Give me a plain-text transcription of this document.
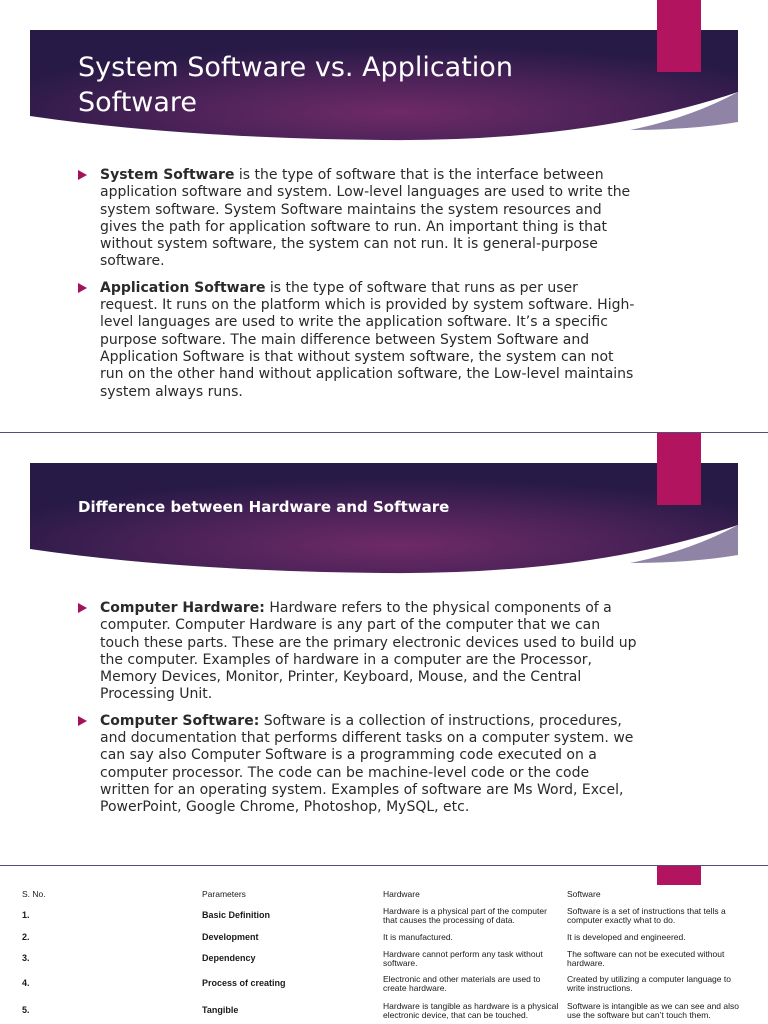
System Software vs. Application Software
System Software is the type of software that is the interface between application software and system. Low-level languages are used to write the system software. System Software maintains the system resources and gives the path for application software to run. An important thing is that without system software, the system can not run. It is general-purpose software.
Application Software is the type of software that runs as per user request. It runs on the platform which is provided by system software. High-level languages are used to write the application software. It’s a specific purpose software. The main difference between System Software and Application Software is that without system software, the system can not run on the other hand without application software, the Low-level maintains system always runs.
Difference between Hardware and Software
Computer Hardware: Hardware refers to the physical components of a computer. Computer Hardware is any part of the computer that we can touch these parts. These are the primary electronic devices used to build up the computer. Examples of hardware in a computer are the Processor, Memory Devices, Monitor, Printer, Keyboard, Mouse, and the Central Processing Unit.
Computer Software: Software is a collection of instructions, procedures, and documentation that performs different tasks on a computer system. we can say also Computer Software is a programming code executed on a computer processor. The code can be machine-level code or the code written for an operating system. Examples of software are Ms Word, Excel, PowerPoint, Google Chrome, Photoshop, MySQL, etc.
S. No.	Parameters	Hardware	Software
1.	Basic Definition	Hardware is a physical part of the computer that causes the processing of data.	Software is a set of instructions that tells a computer exactly what to do.
2.	Development	It is manufactured.	It is developed and engineered.
3.	Dependency	Hardware cannot perform any task without software.	The software can not be executed without hardware.
4.	Process of creating	Electronic and other materials are used to create hardware.	Created by utilizing a computer language to write instructions.
5.	Tangible	Hardware is tangible as hardware is a physical electronic device, that can be touched.	Software is intangible as we can see and also use the software but can’t touch them.
